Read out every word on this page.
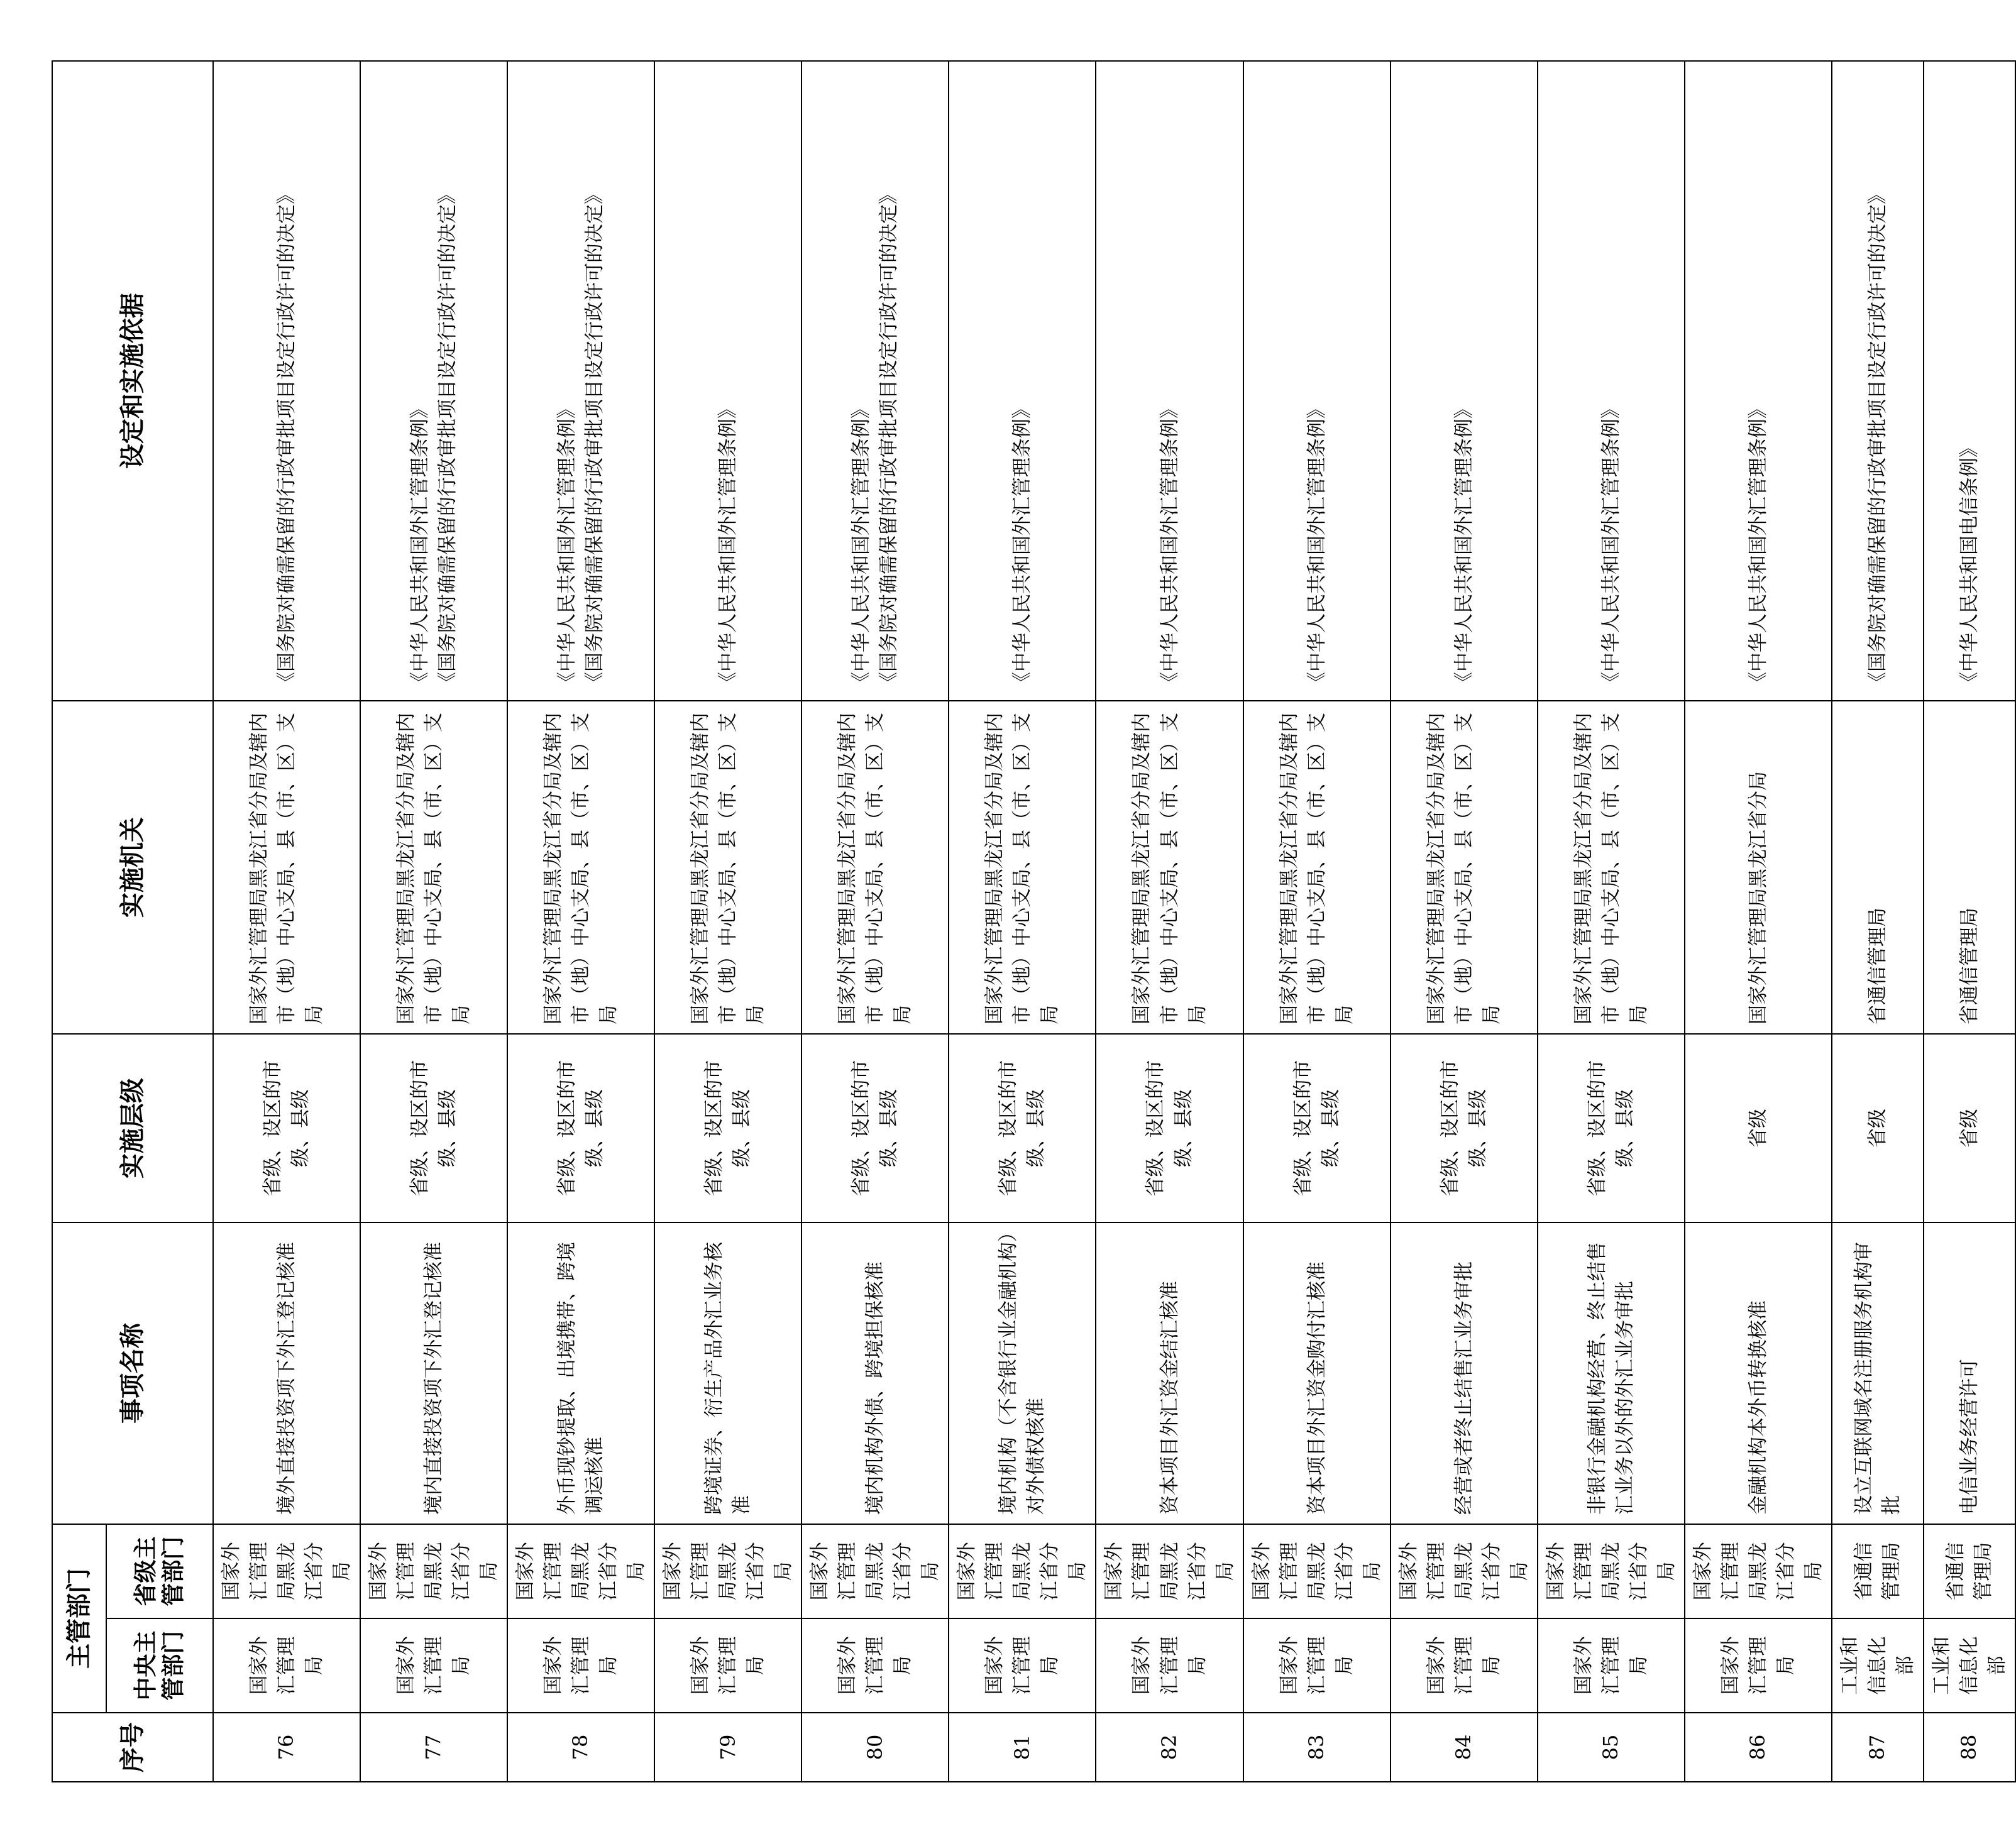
序号	主管部门		事项名称	实施层级	实施机关	设定和实施依据
	中央主管部门	省级主管部门				
76	国家外汇管理局	国家外汇管理局黑龙江省分局	境外直接投资项下外汇登记核准	省级、设区的市级、县级	国家外汇管理局黑龙江省分局及辖内市（地）中心支局、县（市、区）支局	《国务院对确需保留的行政审批项目设定行政许可的决定》

77	国家外汇管理局	国家外汇管理局黑龙江省分局	境内直接投资项下外汇登记核准	省级、设区的市级、县级	国家外汇管理局黑龙江省分局及辖内市（地）中心支局、县（市、区）支局	《中华人民共和国外汇管理条例》 《国务院对确需保留的行政审批项目设定行政许可的决定》

78	国家外汇管理局	国家外汇管理局黑龙江省分局	外币现钞提取、出境携带、跨境调运核准	省级、设区的市级、县级	国家外汇管理局黑龙江省分局及辖内市（地）中心支局、县（市、区）支局	《中华人民共和国外汇管理条例》 《国务院对确需保留的行政审批项目设定行政许可的决定》

79	国家外汇管理局	国家外汇管理局黑龙江省分局	跨境证券、衍生产品外汇业务核准	省级、设区的市级、县级	国家外汇管理局黑龙江省分局及辖内市（地）中心支局、县（市、区）支局	《中华人民共和国外汇管理条例》

80	国家外汇管理局	国家外汇管理局黑龙江省分局	境内机构外债、跨境担保核准	省级、设区的市级、县级	国家外汇管理局黑龙江省分局及辖内市（地）中心支局、县（市、区）支局	《中华人民共和国外汇管理条例》 《国务院对确需保留的行政审批项目设定行政许可的决定》

81	国家外汇管理局	国家外汇管理局黑龙江省分局	境内机构（不含银行业金融机构）对外债权核准	省级、设区的市级、县级	国家外汇管理局黑龙江省分局及辖内市（地）中心支局、县（市、区）支局	《中华人民共和国外汇管理条例》

82	国家外汇管理局	国家外汇管理局黑龙江省分局	资本项目外汇资金结汇核准	省级、设区的市级、县级	国家外汇管理局黑龙江省分局及辖内市（地）中心支局、县（市、区）支局	《中华人民共和国外汇管理条例》

83	国家外汇管理局	国家外汇管理局黑龙江省分局	资本项目外汇资金购付汇核准	省级、设区的市级、县级	国家外汇管理局黑龙江省分局及辖内市（地）中心支局、县（市、区）支局	《中华人民共和国外汇管理条例》

84	国家外汇管理局	国家外汇管理局黑龙江省分局	经营或者终止结售汇业务审批	省级、设区的市级、县级	国家外汇管理局黑龙江省分局及辖内市（地）中心支局、县（市、区）支局	《中华人民共和国外汇管理条例》

85	国家外汇管理局	国家外汇管理局黑龙江省分局	非银行金融机构经营、终止结售汇业务以外的外汇业务审批	省级、设区的市级、县级	国家外汇管理局黑龙江省分局及辖内市（地）中心支局、县（市、区）支局	《中华人民共和国外汇管理条例》

86	国家外汇管理局	国家外汇管理局黑龙江省分局	金融机构本外币转换核准	省级	国家外汇管理局黑龙江省分局	《中华人民共和国外汇管理条例》

87	工业和信息化部	省通信管理局	设立互联网域名注册服务机构审批	省级	省通信管理局	《国务院对确需保留的行政审批项目设定行政许可的决定》

88	工业和信息化部	省通信管理局	电信业务经营许可	省级	省通信管理局	《中华人民共和国电信条例》
